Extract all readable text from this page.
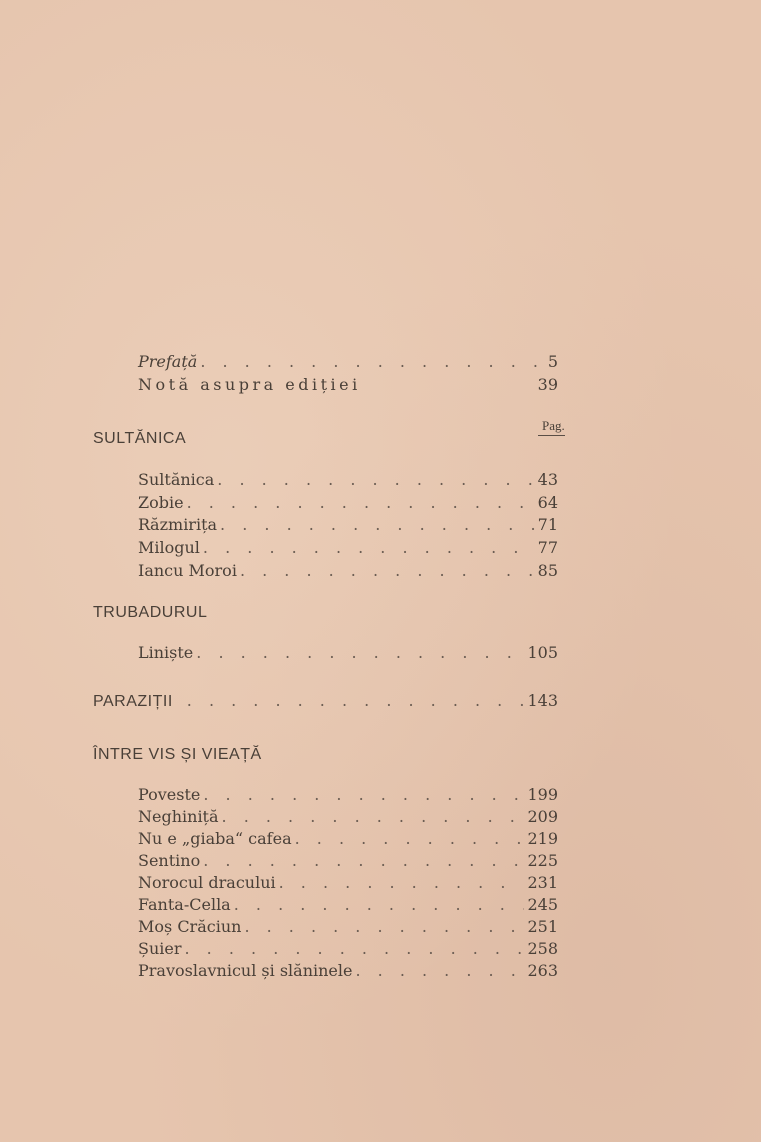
Prefață . . .	5
Notă asupra ediției	39
Pag.
SULTĂNICA
Sultănica . . .	43
Zobie . . .	64
Răzmirița . . .	71
Milogul . . .	77
Iancu Moroi . . .	85
TRUBADURUL
Liniște . . .	105
PARAZIȚII . . .	143
ÎNTRE VIS ȘI VIEAȚĂ
Poveste . . .	199
Neghiniță . . .	209
Nu e „giaba“ cafea . . .	219
Sentino . . .	225
Norocul dracului . . .	231
Fanta-Cella . . .	245
Moș Crăciun . . .	251
Șuier . . .	258
Pravoslavnicul și slăninele . . .	263
